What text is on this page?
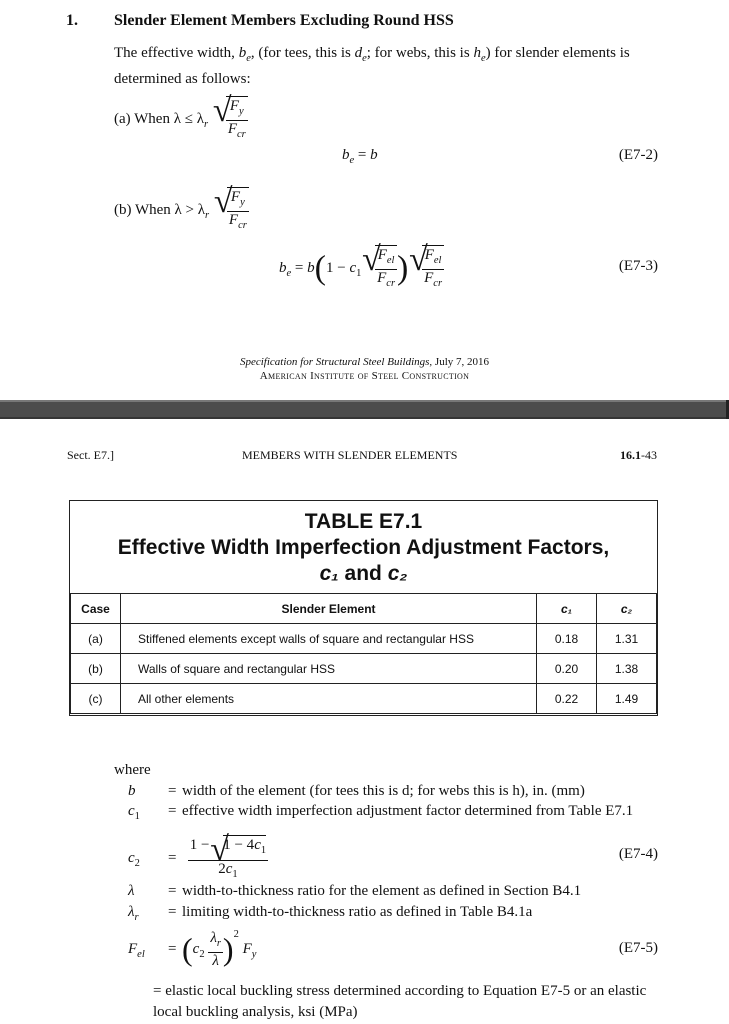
1. Slender Element Members Excluding Round HSS
The effective width, $b_e$, (for tees, this is $d_e$; for webs, this is $h_e$) for slender elements is determined as follows:
(a) When $\lambda \le \lambda_r$ √ $\frac{F_y}{F_{cr}}$
$b_e = b$	(E7-2)
(b) When $\lambda > \lambda_r$ √ $\frac{F_y}{F_{cr}}$
$b_e = b(1 - c_1$ √ $\frac{F_{el}}{F_{cr}}$ ) √ $\frac{F_{el}}{F_{cr}}$	(E7-3)
Specification for Structural Steel Buildings, July 7, 2016
American Institute of Steel Construction
Sect. E7.]	MEMBERS WITH SLENDER ELEMENTS	16.1-43
TABLE E7.1
Effective Width Imperfection Adjustment Factors,
c₁ and c₂
Case	Slender Element	c₁	c₂
(a)	Stiffened elements except walls of square and rectangular HSS	0.18	1.31
(b)	Walls of square and rectangular HSS	0.20	1.38
(c)	All other elements	0.22	1.49
where
b = width of the element (for tees this is d; for webs this is h), in. (mm)
$c_1$ = effective width imperfection adjustment factor determined from Table E7.1
$c_2 = \frac{1 - √ 1 - 4c_1}{2c_1}$	(E7-4)
λ = width-to-thickness ratio for the element as defined in Section B4.1
$\lambda_r$ = limiting width-to-thickness ratio as defined in Table B4.1a
$F_{el} = (c_2 \frac{\lambda_r}{\lambda} )^2$ $F_y$	(E7-5)
= elastic local buckling stress determined according to Equation E7-5 or an elastic local buckling analysis, ksi (MPa)
